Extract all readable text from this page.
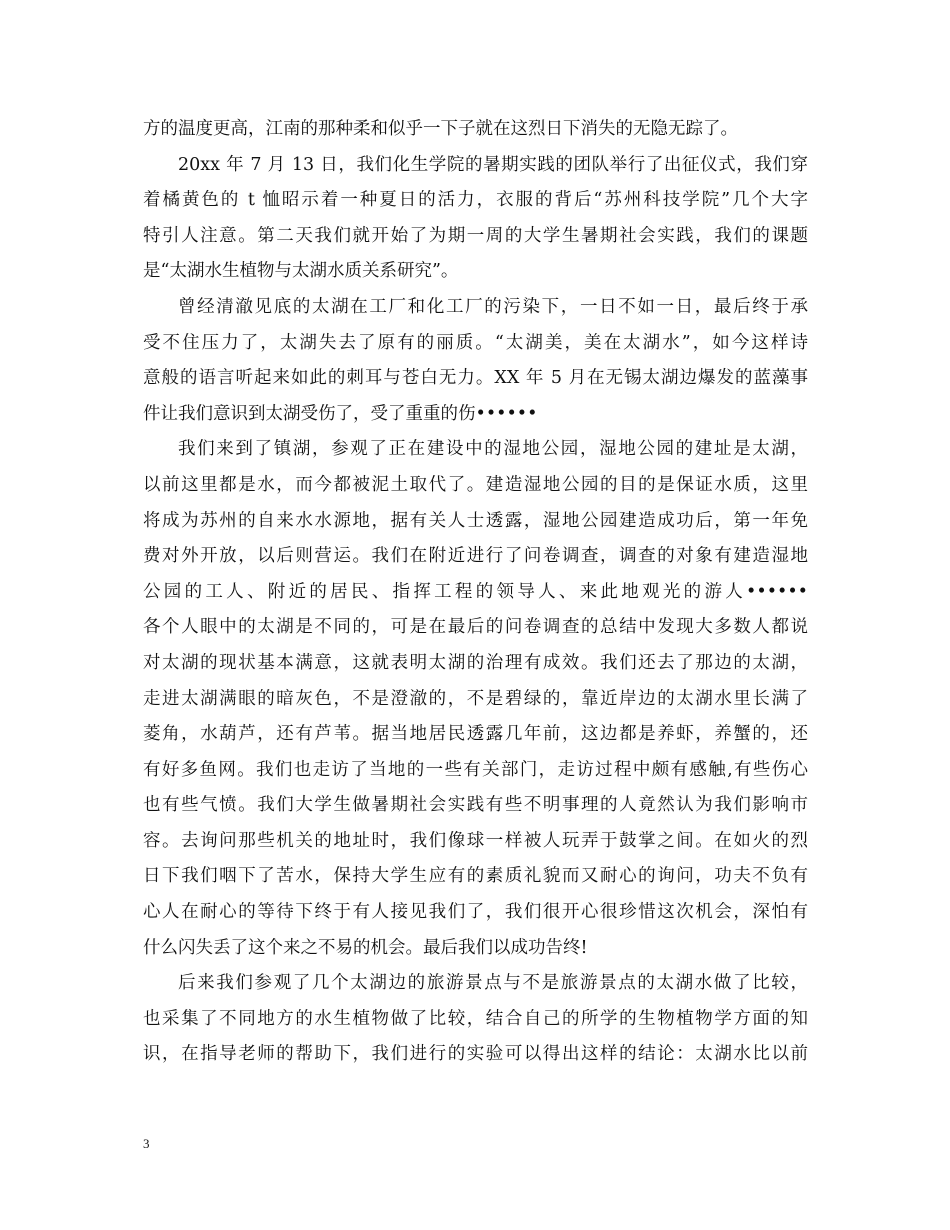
方的温度更高，江南的那种柔和似乎一下子就在这烈日下消失的无隐无踪了。
20xx 年 7 月 13 日，我们化生学院的暑期实践的团队举行了出征仪式，我们穿
着橘黄色的 t 恤昭示着一种夏日的活力，衣服的背后“苏州科技学院”几个大字
特引人注意。第二天我们就开始了为期一周的大学生暑期社会实践，我们的课题
是“太湖水生植物与太湖水质关系研究”。
曾经清澈见底的太湖在工厂和化工厂的污染下，一日不如一日，最后终于承
受不住压力了，太湖失去了原有的丽质。“太湖美，美在太湖水”，如今这样诗
意般的语言听起来如此的刺耳与苍白无力。XX 年 5 月在无锡太湖边爆发的蓝藻事
件让我们意识到太湖受伤了，受了重重的伤••••••
我们来到了镇湖，参观了正在建设中的湿地公园，湿地公园的建址是太湖，
以前这里都是水，而今都被泥土取代了。建造湿地公园的目的是保证水质，这里
将成为苏州的自来水水源地，据有关人士透露，湿地公园建造成功后，第一年免
费对外开放，以后则营运。我们在附近进行了问卷调查，调查的对象有建造湿地
公园的工人、附近的居民、指挥工程的领导人、来此地观光的游人••••••
各个人眼中的太湖是不同的，可是在最后的问卷调查的总结中发现大多数人都说
对太湖的现状基本满意，这就表明太湖的治理有成效。我们还去了那边的太湖，
走进太湖满眼的暗灰色，不是澄澈的，不是碧绿的，靠近岸边的太湖水里长满了
菱角，水葫芦，还有芦苇。据当地居民透露几年前，这边都是养虾，养蟹的，还
有好多鱼网。我们也走访了当地的一些有关部门，走访过程中颇有感触,有些伤心
也有些气愤。我们大学生做暑期社会实践有些不明事理的人竟然认为我们影响市
容。去询问那些机关的地址时，我们像球一样被人玩弄于鼓掌之间。在如火的烈
日下我们咽下了苦水，保持大学生应有的素质礼貌而又耐心的询问，功夫不负有
心人在耐心的等待下终于有人接见我们了，我们很开心很珍惜这次机会，深怕有
什么闪失丢了这个来之不易的机会。最后我们以成功告终!
后来我们参观了几个太湖边的旅游景点与不是旅游景点的太湖水做了比较，
也采集了不同地方的水生植物做了比较，结合自己的所学的生物植物学方面的知
识，在指导老师的帮助下，我们进行的实验可以得出这样的结论：太湖水比以前
3
